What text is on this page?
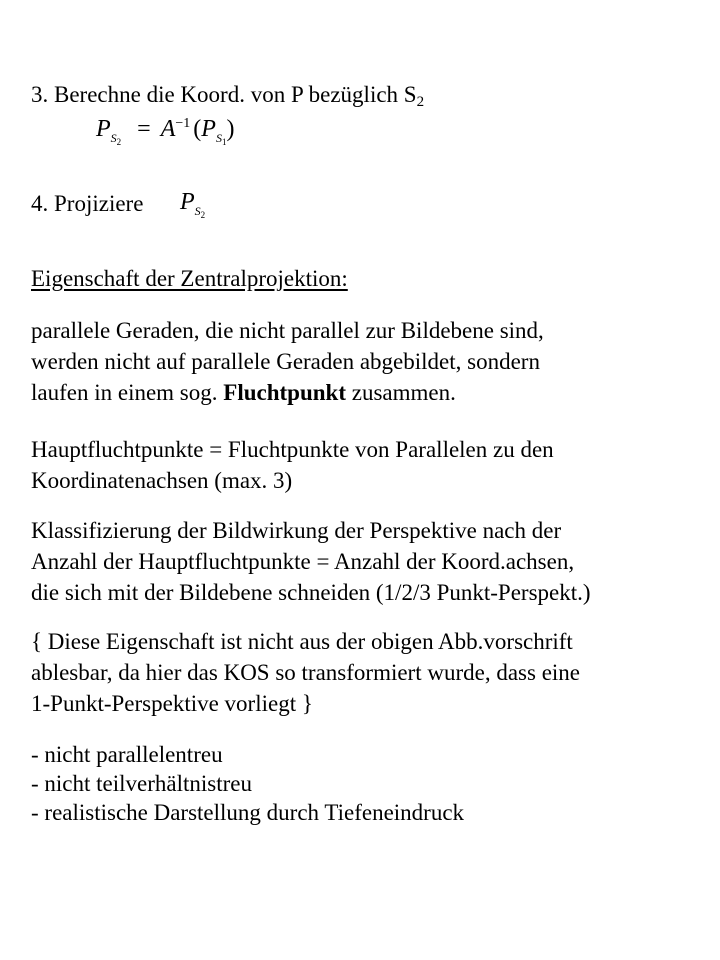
3. Berechne die Koord. von P bezüglich $S_2$
$P_{S_2} = A^{-1}$ $(P_{S_1})$
4. Projiziere $P_{S_2}$
Eigenschaft der Zentralprojektion:
parallele Geraden, die nicht parallel zur Bildebene sind,
werden nicht auf parallele Geraden abgebildet, sondern
laufen in einem sog. Fluchtpunkt zusammen.
Hauptfluchtpunkte = Fluchtpunkte von Parallelen zu den
Koordinatenachsen (max. 3)
Klassifizierung der Bildwirkung der Perspektive nach der
Anzahl der Hauptfluchtpunkte = Anzahl der Koord.achsen,
die sich mit der Bildebene schneiden (1/2/3 Punkt-Perspekt.)
{ Diese Eigenschaft ist nicht aus der obigen Abb.vorschrift
ablesbar, da hier das KOS so transformiert wurde, dass eine
1-Punkt-Perspektive vorliegt }
- nicht parallelentreu
- nicht teilverhältnistreu
- realistische Darstellung durch Tiefeneindruck
